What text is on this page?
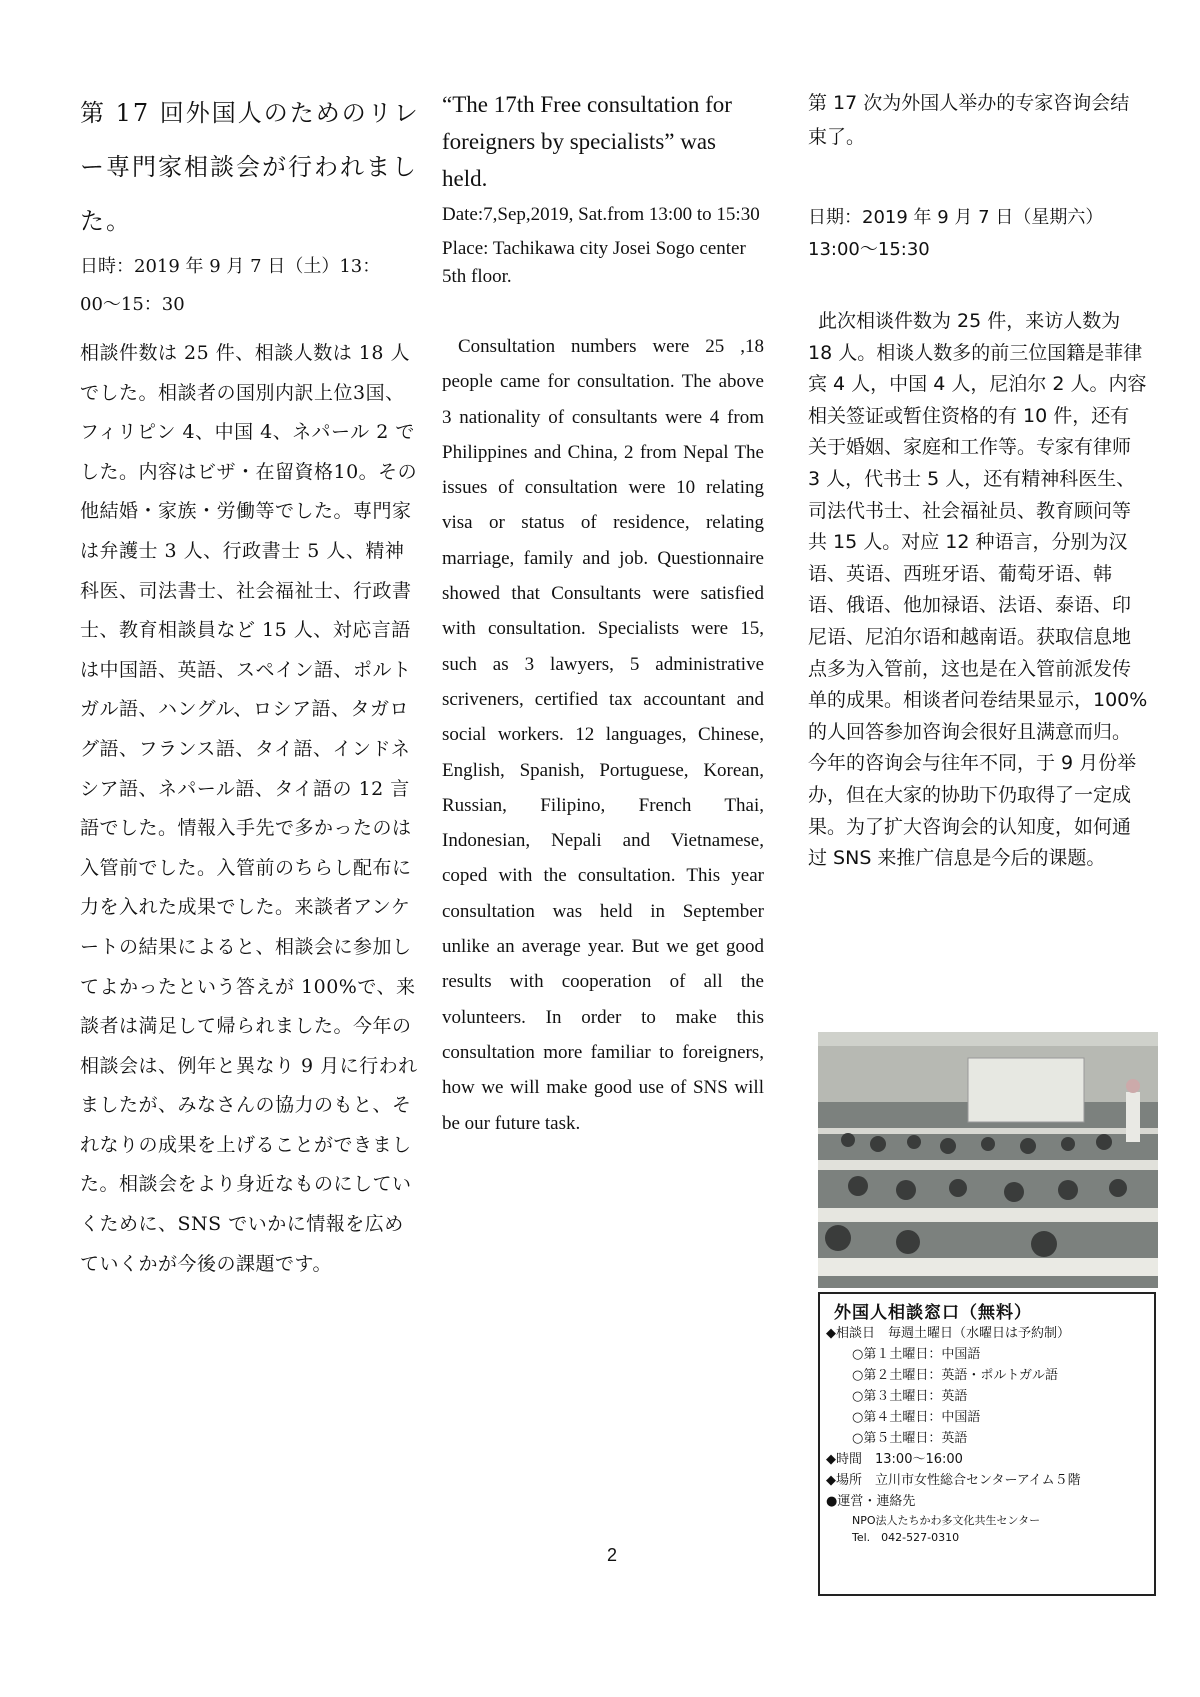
第 17 回外国人のためのリレー専門家相談会が行われました。

日時：2019 年 9 月 7 日（土）13：00〜15：30

相談件数は 25 件、相談人数は 18 人でした。相談者の国別内訳上位3国、フィリピン 4、中国 4、ネパール 2 でした。内容はビザ・在留資格10。その他結婚・家族・労働等でした。専門家は弁護士 3 人、行政書士 5 人、精神科医、司法書士、社会福祉士、行政書士、教育相談員など 15 人、対応言語は中国語、英語、スペイン語、ポルトガル語、ハングル、ロシア語、タガログ語、フランス語、タイ語、インドネシア語、ネパール語、タイ語の 12 言語でした。情報入手先で多かったのは入管前でした。入管前のちらし配布に力を入れた成果でした。来談者アンケートの結果によると、相談会に参加してよかったという答えが 100%で、来談者は満足して帰られました。今年の相談会は、例年と異なり 9 月に行われましたが、みなさんの協力のもと、それなりの成果を上げることができました。相談会をより身近なものにしていくために、SNS でいかに情報を広めていくかが今後の課題です。

“The 17th Free consultation for foreigners by specialists” was held.

Date:7,Sep,2019, Sat.from 13:00 to 15:30

Place: Tachikawa city Josei Sogo center 5th floor.

Consultation numbers were 25 ,18 people came for consultation. The above 3 nationality of consultants were 4 from Philippines and China, 2 from Nepal The issues of consultation were 10 relating visa or status of residence, relating marriage, family and job. Questionnaire showed that Consultants were satisfied with consultation. Specialists were 15, such as 3 lawyers, 5 administrative scriveners, certified tax accountant and social workers. 12 languages, Chinese, English, Spanish, Portuguese, Korean, Russian, Filipino, French Thai, Indonesian, Nepali and Vietnamese, coped with the consultation. This year consultation was held in September unlike an average year. But we get good results with cooperation of all the volunteers. In order to make this consultation more familiar to foreigners, how we will make good use of SNS will be our future task.

第 17 次为外国人举办的专家咨询会结束了。

日期：2019 年 9 月 7 日（星期六） 13:00〜15:30

此次相谈件数为 25 件，来访人数为 18 人。相谈人数多的前三位国籍是菲律宾 4 人，中国 4 人，尼泊尔 2 人。内容相关签证或暂住资格的有 10 件，还有关于婚姻、家庭和工作等。专家有律师 3 人，代书士 5 人，还有精神科医生、司法代书士、社会福祉员、教育顾问等共 15 人。对应 12 种语言，分别为汉语、英语、西班牙语、葡萄牙语、韩语、俄语、他加禄语、法语、泰语、印尼语、尼泊尔语和越南语。获取信息地点多为入管前，这也是在入管前派发传单的成果。相谈者问卷结果显示，100%的人回答参加咨询会很好且满意而归。今年的咨询会与往年不同，于 9 月份举办，但在大家的协助下仍取得了一定成果。为了扩大咨询会的认知度，如何通过 SNS 来推广信息是今后的课题。

外国人相談窓口（無料）
◆相談日　毎週土曜日（水曜日は予約制）
○第１土曜日：中国語
○第２土曜日：英語・ポルトガル語
○第３土曜日：英語
○第４土曜日：中国語
○第５土曜日：英語
◆時間　13:00〜16:00
◆場所　立川市女性総合センターアイム５階
●運営・連絡先
NPO法人たちかわ多文化共生センター
Tel.　042-527-0310
2
